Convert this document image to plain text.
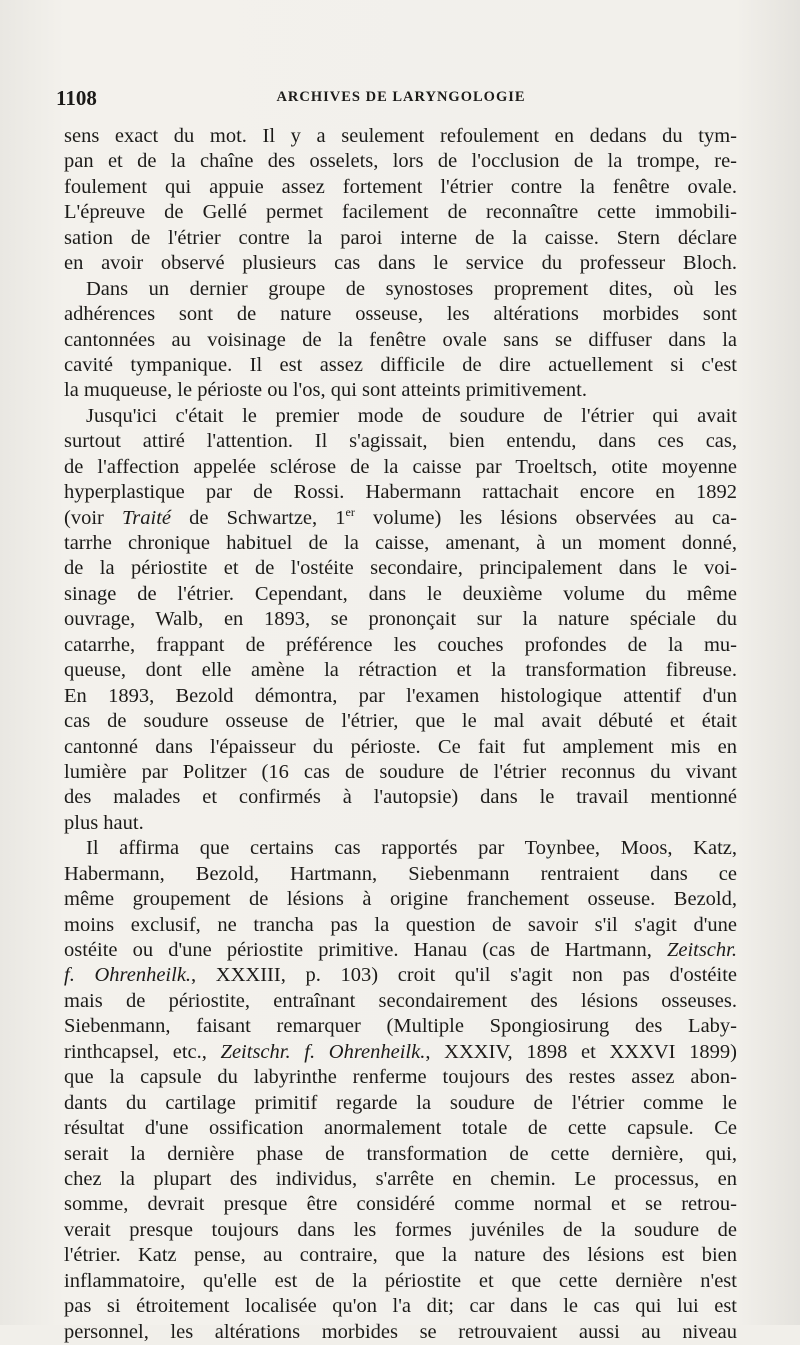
1108	ARCHIVES DE LARYNGOLOGIE
sens exact du mot. Il y a seulement refoulement en dedans du tym-
pan et de la chaîne des osselets, lors de l'occlusion de la trompe, re-
foulement qui appuie assez fortement l'étrier contre la fenêtre ovale.
L'épreuve de Gellé permet facilement de reconnaître cette immobili-
sation de l'étrier contre la paroi interne de la caisse. Stern déclare
en avoir observé plusieurs cas dans le service du professeur Bloch.
Dans un dernier groupe de synostoses proprement dites, où les
adhérences sont de nature osseuse, les altérations morbides sont
cantonnées au voisinage de la fenêtre ovale sans se diffuser dans la
cavité tympanique. Il est assez difficile de dire actuellement si c'est
la muqueuse, le périoste ou l'os, qui sont atteints primitivement.
Jusqu'ici c'était le premier mode de soudure de l'étrier qui avait
surtout attiré l'attention. Il s'agissait, bien entendu, dans ces cas,
de l'affection appelée sclérose de la caisse par Troeltsch, otite moyenne
hyperplastique par de Rossi. Habermann rattachait encore en 1892
(voir Traité de Schwartze, 1er volume) les lésions observées au ca-
tarrhe chronique habituel de la caisse, amenant, à un moment donné,
de la périostite et de l'ostéite secondaire, principalement dans le voi-
sinage de l'étrier. Cependant, dans le deuxième volume du même
ouvrage, Walb, en 1893, se prononçait sur la nature spéciale du
catarrhe, frappant de préférence les couches profondes de la mu-
queuse, dont elle amène la rétraction et la transformation fibreuse.
En 1893, Bezold démontra, par l'examen histologique attentif d'un
cas de soudure osseuse de l'étrier, que le mal avait débuté et était
cantonné dans l'épaisseur du périoste. Ce fait fut amplement mis en
lumière par Politzer (16 cas de soudure de l'étrier reconnus du vivant
des malades et confirmés à l'autopsie) dans le travail mentionné
plus haut.
Il affirma que certains cas rapportés par Toynbee, Moos, Katz,
Habermann, Bezold, Hartmann, Siebenmann rentraient dans ce
même groupement de lésions à origine franchement osseuse. Bezold,
moins exclusif, ne trancha pas la question de savoir s'il s'agit d'une
ostéite ou d'une périostite primitive. Hanau (cas de Hartmann, Zeitschr.
f. Ohrenheilk., XXXIII, p. 103) croit qu'il s'agit non pas d'ostéite
mais de périostite, entraînant secondairement des lésions osseuses.
Siebenmann, faisant remarquer (Multiple Spongiosirung des Laby-
rinthcapsel, etc., Zeitschr. f. Ohrenheilk., XXXIV, 1898 et XXXVI 1899)
que la capsule du labyrinthe renferme toujours des restes assez abon-
dants du cartilage primitif regarde la soudure de l'étrier comme le
résultat d'une ossification anormalement totale de cette capsule. Ce
serait la dernière phase de transformation de cette dernière, qui,
chez la plupart des individus, s'arrête en chemin. Le processus, en
somme, devrait presque être considéré comme normal et se retrou-
verait presque toujours dans les formes juvéniles de la soudure de
l'étrier. Katz pense, au contraire, que la nature des lésions est bien
inflammatoire, qu'elle est de la périostite et que cette dernière n'est
pas si étroitement localisée qu'on l'a dit; car dans le cas qui lui est
personnel, les altérations morbides se retrouvaient aussi au niveau
